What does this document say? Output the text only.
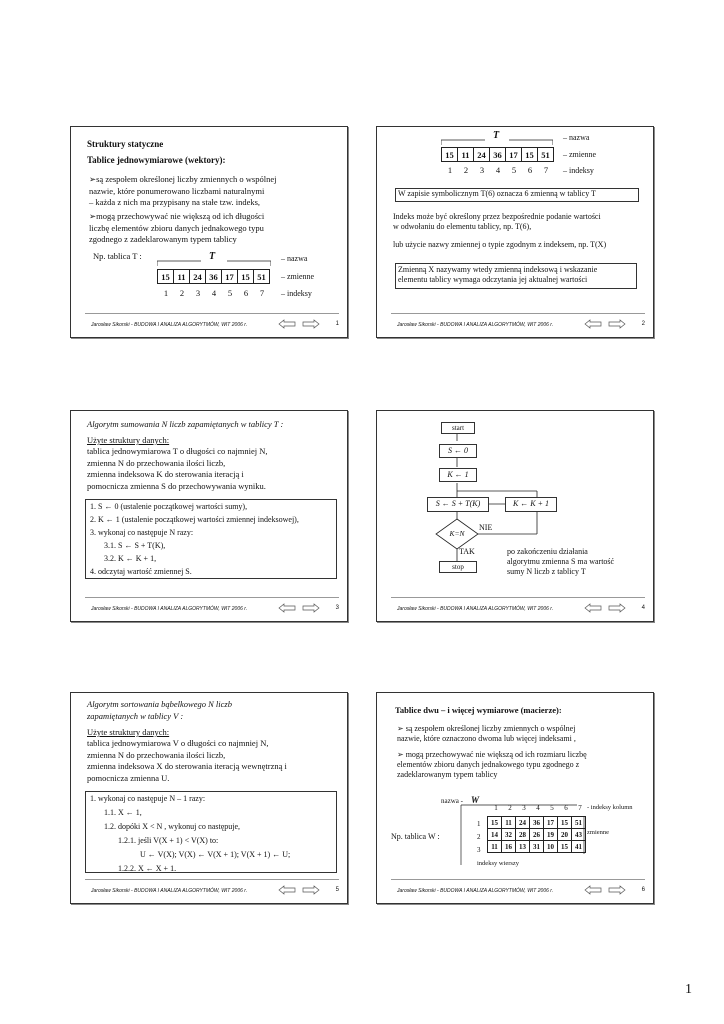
Struktury statyczne
Tablice jednowymiarowe (wektory):
➢są zespołem określonej liczby zmiennych o wspólnej
nazwie, które ponumerowano liczbami naturalnymi
– każda z nich ma przypisany na stałe tzw. indeks,
➢mogą przechowywać nie większą od ich długości
liczbę elementów zbioru danych jednakowego typu
zgodnego z zadeklarowanym typem tablicy
Np. tablica T :	T	– nazwa
15	11	24	36	17	15	51 – zmienne
1 2 3 4 5 6 7	– indeksy
Jarosław Sikorski - BUDOWA I ANALIZA ALGORYTMÓW, WIT 2006 r.	1
T	– nazwa
15	11	24	36	17	15	51 – zmienne
1 2 3 4 5 6 7	– indeksy
W zapisie symbolicznym T(6) oznacza 6 zmienną w tablicy T
Indeks może być określony przez bezpośrednie podanie wartości
w odwołaniu do elementu tablicy, np. T(6),
lub użycie nazwy zmiennej o typie zgodnym z indeksem, np. T(X)
Zmienną X nazywamy wtedy zmienną indeksową i wskazanie
elementu tablicy wymaga odczytania jej aktualnej wartości
Jarosław Sikorski - BUDOWA I ANALIZA ALGORYTMÓW, WIT 2006 r.	2
Algorytm sumowania N liczb zapamiętanych w tablicy T :
Użyte struktury danych:
tablica jednowymiarowa T o długości co najmniej N,
zmienna N do przechowania ilości liczb,
zmienna indeksowa K do sterowania iteracją i
pomocnicza zmienna S do przechowywania wyniku.
1. S ← 0 (ustalenie początkowej wartości sumy),
2. K ← 1 (ustalenie początkowej wartości zmiennej indeksowej),
3. wykonaj co następuje N razy:
3.1. S ← S + T(K),
3.2. K ← K + 1,
4. odczytaj wartość zmiennej S.
Jarosław Sikorski - BUDOWA I ANALIZA ALGORYTMÓW, WIT 2006 r.	3
start
S ← 0
K ← 1
S ← S + T(K)	K ← K + 1
K=N
NIE
TAK
stop
po zakończeniu działania
algorytmu zmienna S ma wartość
sumy N liczb z tablicy T
Jarosław Sikorski - BUDOWA I ANALIZA ALGORYTMÓW, WIT 2006 r.	4
Algorytm sortowania bąbelkowego N liczb
zapamiętanych w tablicy V :
Użyte struktury danych:
tablica jednowymiarowa V o długości co najmniej N,
zmienna N do przechowania ilości liczb,
zmienna indeksowa X do sterowania iteracją wewnętrzną i
pomocnicza zmienna U.
1. wykonaj co następuje N – 1 razy:
1.1. X ← 1,
1.2. dopóki X < N , wykonuj co następuje,
1.2.1. jeśli V(X + 1) < V(X) to:
U ← V(X); V(X) ← V(X + 1); V(X + 1) ← U;
1.2.2. X ← X + 1.
Jarosław Sikorski - BUDOWA I ANALIZA ALGORYTMÓW, WIT 2006 r.	5
Tablice dwu – i więcej wymiarowe (macierze):
➢ są zespołem określonej liczby zmiennych o wspólnej
nazwie, które oznaczono dwoma lub więcej indeksami ,
➢ mogą przechowywać nie większą od ich rozmiaru liczbę
elementów zbioru danych jednakowego typu zgodnego z
zadeklarowanym typem tablicy
nazwa - W
1 2 3 4 5 6 7 - indeksy kolumn
1
2
3
15	11	24	36	17	15	51
14	32	28	26	19	20	43
11	16	13	31	10	15	41
zmienne
Np. tablica W :
indeksy wierszy
Jarosław Sikorski - BUDOWA I ANALIZA ALGORYTMÓW, WIT 2006 r.	6
1
